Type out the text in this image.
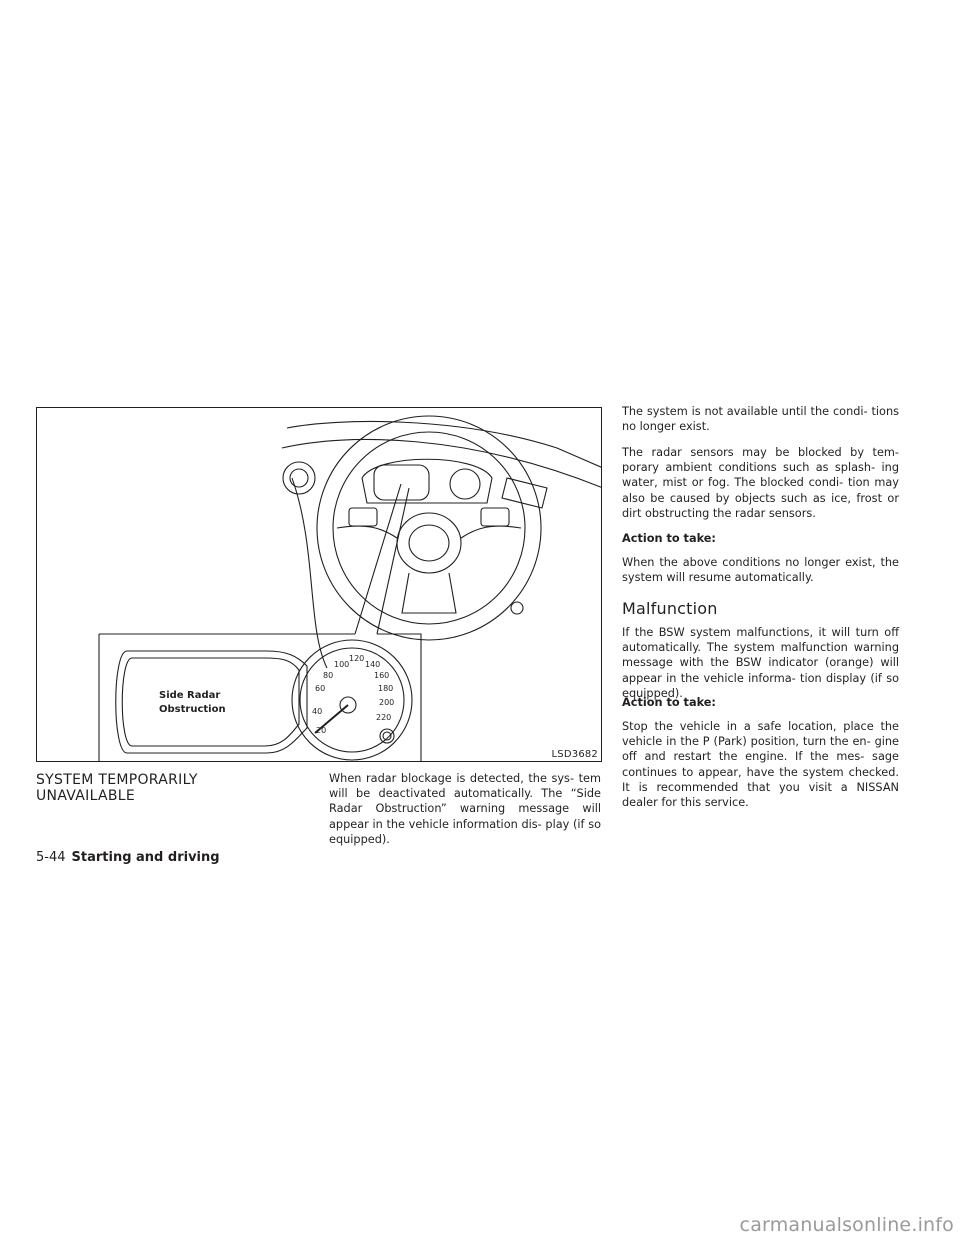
20
40
60
80
100
120
140
160
180
200
220
Side Radar
Obstruction
LSD3682
SYSTEM TEMPORARILY
UNAVAILABLE

When radar blockage is detected, the sys- tem will be deactivated automatically. The “Side Radar Obstruction” warning message will appear in the vehicle information dis- play (if so equipped).

The system is not available until the condi- tions no longer exist.

The radar sensors may be blocked by tem- porary ambient conditions such as splash- ing water, mist or fog. The blocked condi- tion may also be caused by objects such as ice, frost or dirt obstructing the radar sensors.

Action to take:

When the above conditions no longer exist, the system will resume automatically.

Malfunction

If the BSW system malfunctions, it will turn off automatically. The system malfunction warning message with the BSW indicator (orange) will appear in the vehicle informa- tion display (if so equipped).

Action to take:

Stop the vehicle in a safe location, place the vehicle in the P (Park) position, turn the en- gine off and restart the engine. If the mes- sage continues to appear, have the system checked. It is recommended that you visit a NISSAN dealer for this service.

5-44 Starting and driving
carmanualsonline.info
